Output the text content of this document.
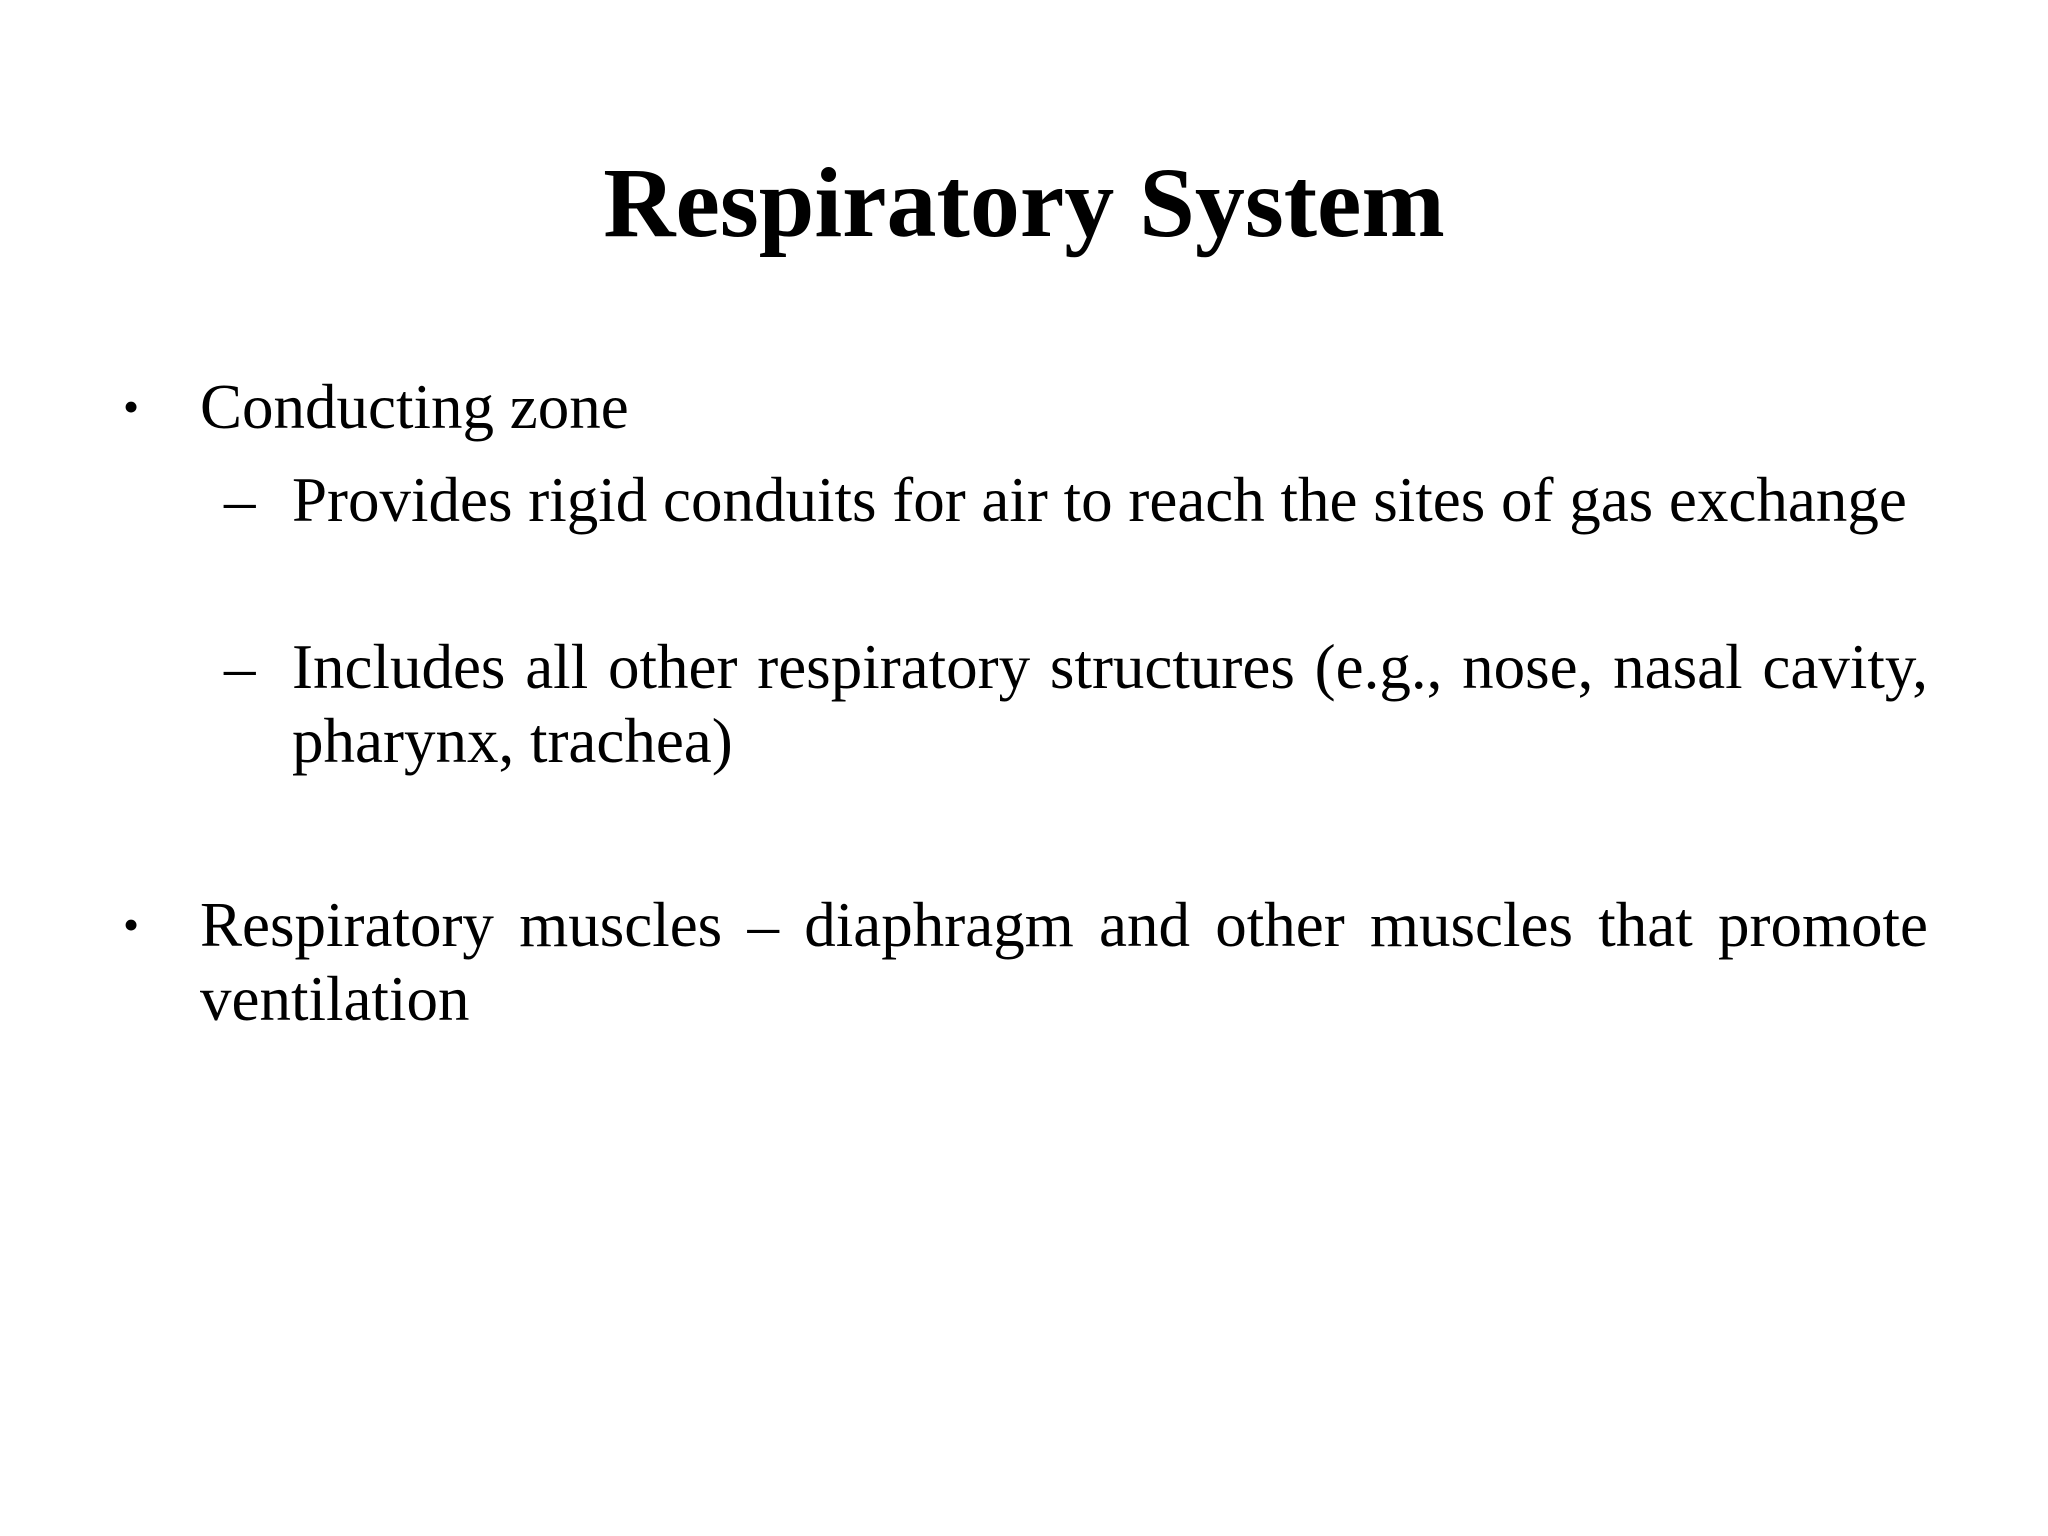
Respiratory System
• Conducting zone
– Provides rigid conduits for air to reach the sites of gas exchange
– Includes all other respiratory structures (e.g., nose, nasal cavity, pharynx, trachea)
• Respiratory muscles – diaphragm and other muscles that promote ventilation
